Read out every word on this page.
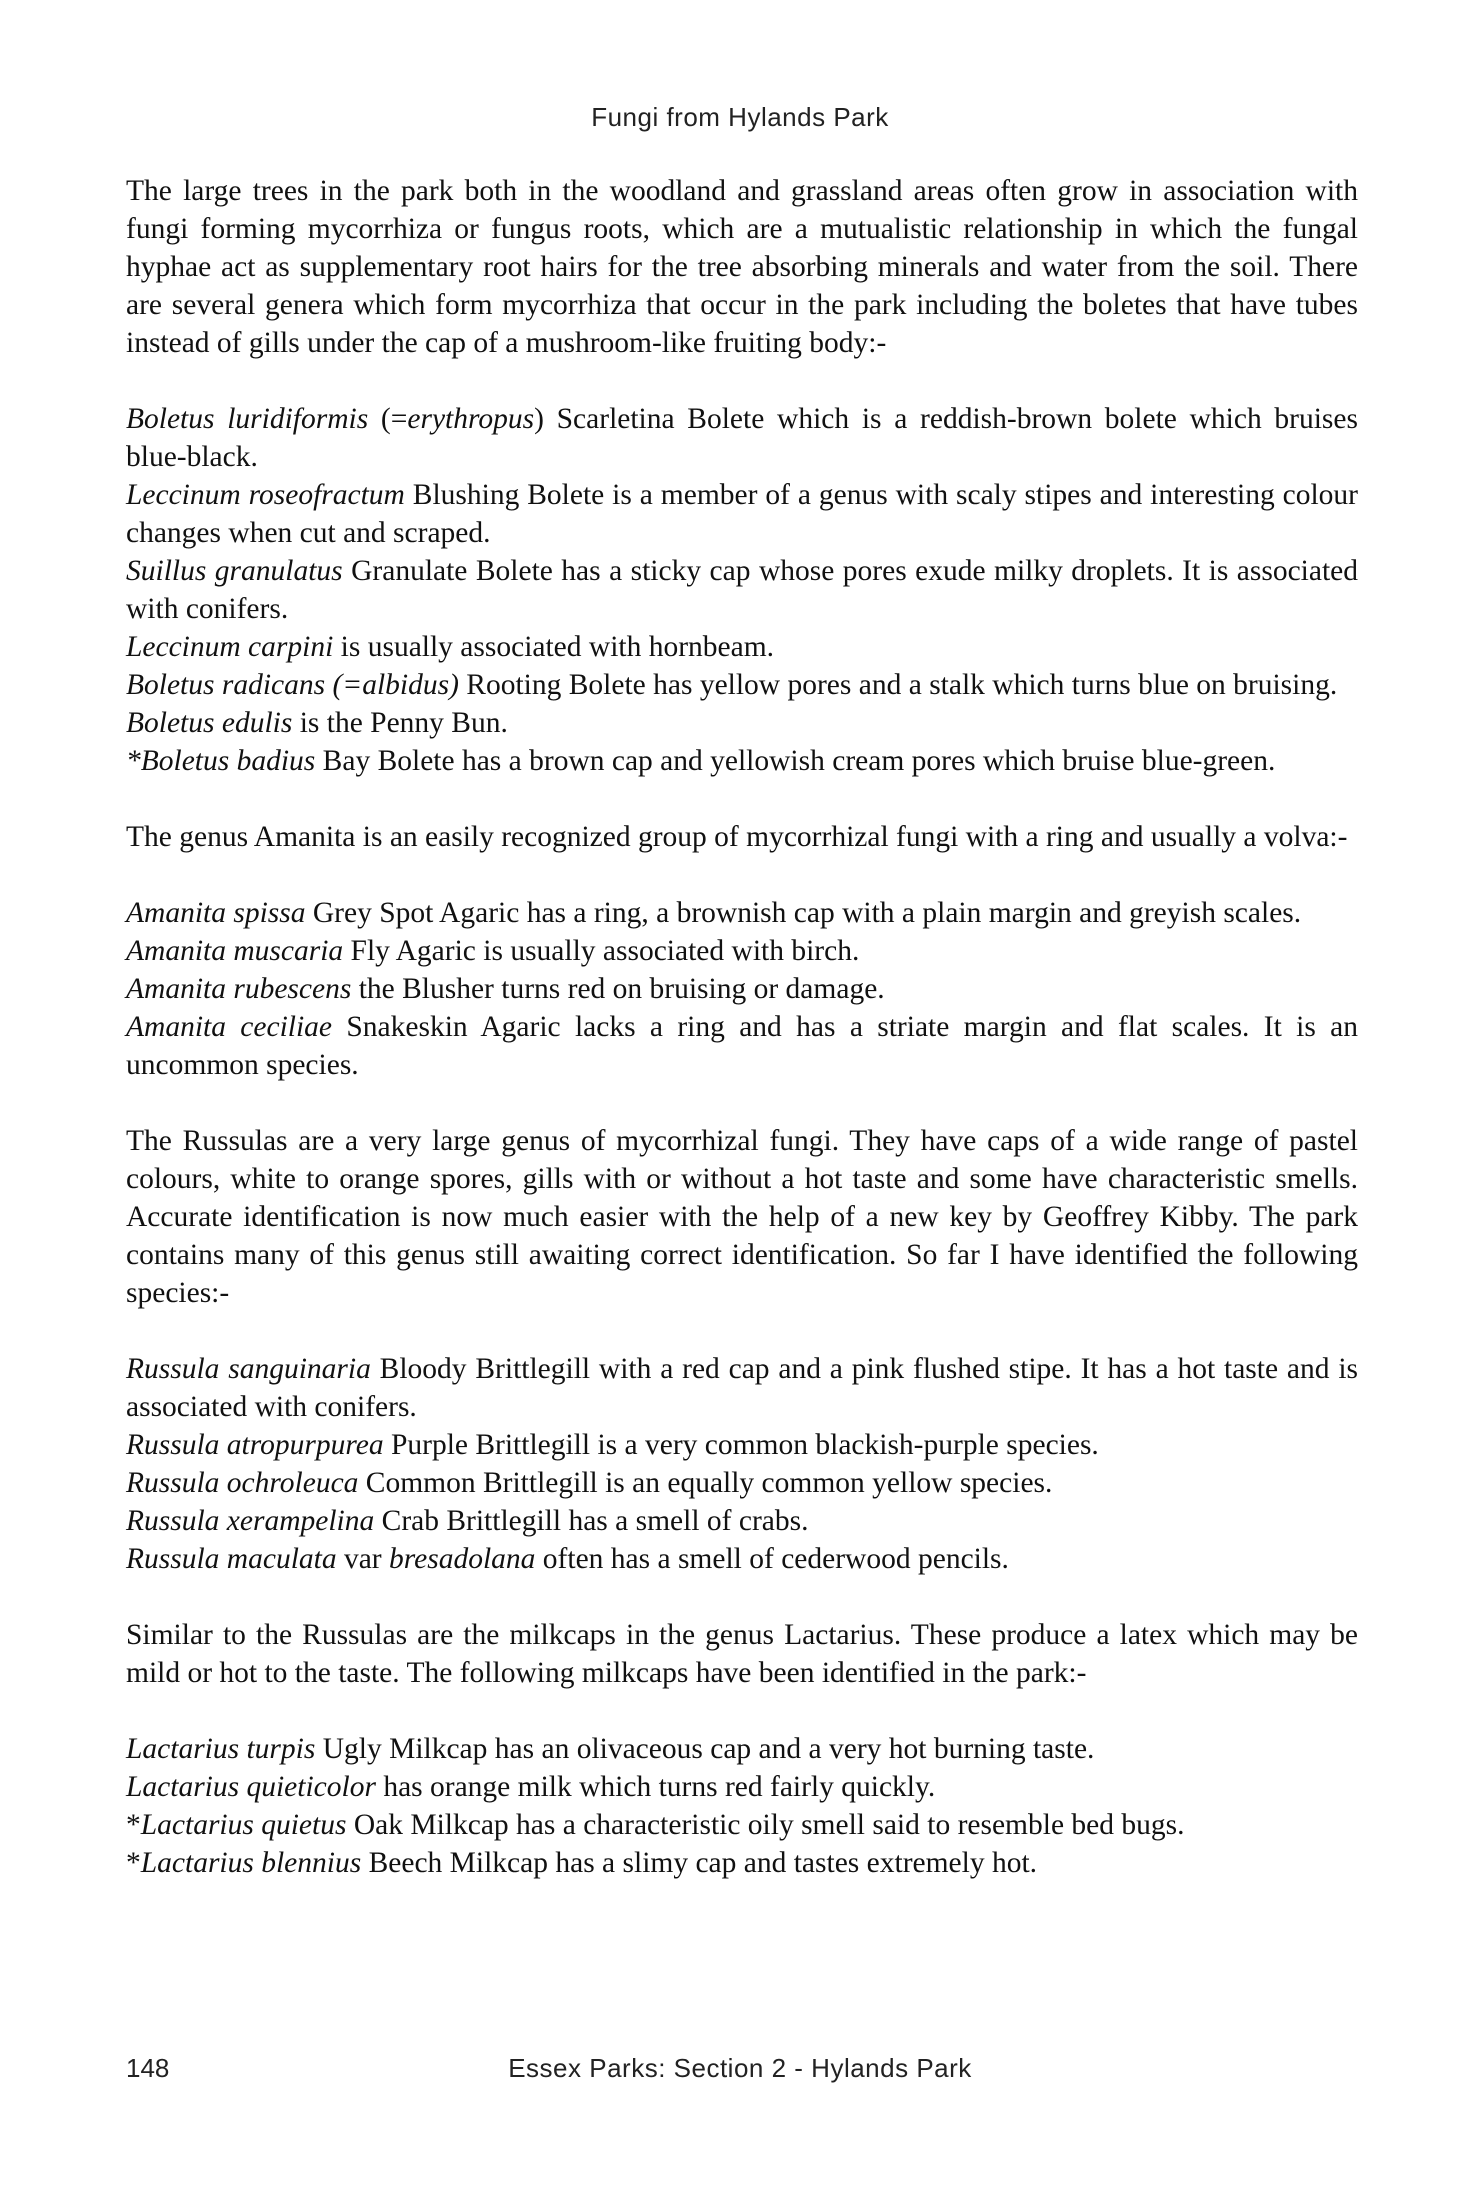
Fungi from Hylands Park

The large trees in the park both in the woodland and grassland areas often grow in association with fungi forming mycorrhiza or fungus roots, which are a mutualistic relationship in which the fungal hyphae act as supplementary root hairs for the tree absorbing minerals and water from the soil. There are several genera which form mycorrhiza that occur in the park including the boletes that have tubes instead of gills under the cap of a mushroom-like fruiting body:-

Boletus luridiformis (=erythropus) Scarletina Bolete which is a reddish-brown bolete which bruises blue-black.

Leccinum roseofractum Blushing Bolete is a member of a genus with scaly stipes and interesting colour changes when cut and scraped.

Suillus granulatus Granulate Bolete has a sticky cap whose pores exude milky droplets. It is associated with conifers.

Leccinum carpini is usually associated with hornbeam.

Boletus radicans (=albidus) Rooting Bolete has yellow pores and a stalk which turns blue on bruising.

Boletus edulis is the Penny Bun.

*Boletus badius Bay Bolete has a brown cap and yellowish cream pores which bruise blue-green.

The genus Amanita is an easily recognized group of mycorrhizal fungi with a ring and usually a volva:-

Amanita spissa Grey Spot Agaric has a ring, a brownish cap with a plain margin and greyish scales.

Amanita muscaria Fly Agaric is usually associated with birch.

Amanita rubescens the Blusher turns red on bruising or damage.

Amanita ceciliae Snakeskin Agaric lacks a ring and has a striate margin and flat scales. It is an uncommon species.

The Russulas are a very large genus of mycorrhizal fungi. They have caps of a wide range of pastel colours, white to orange spores, gills with or without a hot taste and some have characteristic smells. Accurate identification is now much easier with the help of a new key by Geoffrey Kibby. The park contains many of this genus still awaiting correct identification. So far I have identified the following species:-

Russula sanguinaria Bloody Brittlegill with a red cap and a pink flushed stipe. It has a hot taste and is associated with conifers.

Russula atropurpurea Purple Brittlegill is a very common blackish-purple species.

Russula ochroleuca Common Brittlegill is an equally common yellow species.

Russula xerampelina Crab Brittlegill has a smell of crabs.

Russula maculata var bresadolana often has a smell of cederwood pencils.

Similar to the Russulas are the milkcaps in the genus Lactarius. These produce a latex which may be mild or hot to the taste. The following milkcaps have been identified in the park:-

Lactarius turpis Ugly Milkcap has an olivaceous cap and a very hot burning taste.

Lactarius quieticolor has orange milk which turns red fairly quickly.

*Lactarius quietus Oak Milkcap has a characteristic oily smell said to resemble bed bugs.

*Lactarius blennius Beech Milkcap has a slimy cap and tastes extremely hot.

148	Essex Parks: Section 2 - Hylands Park
